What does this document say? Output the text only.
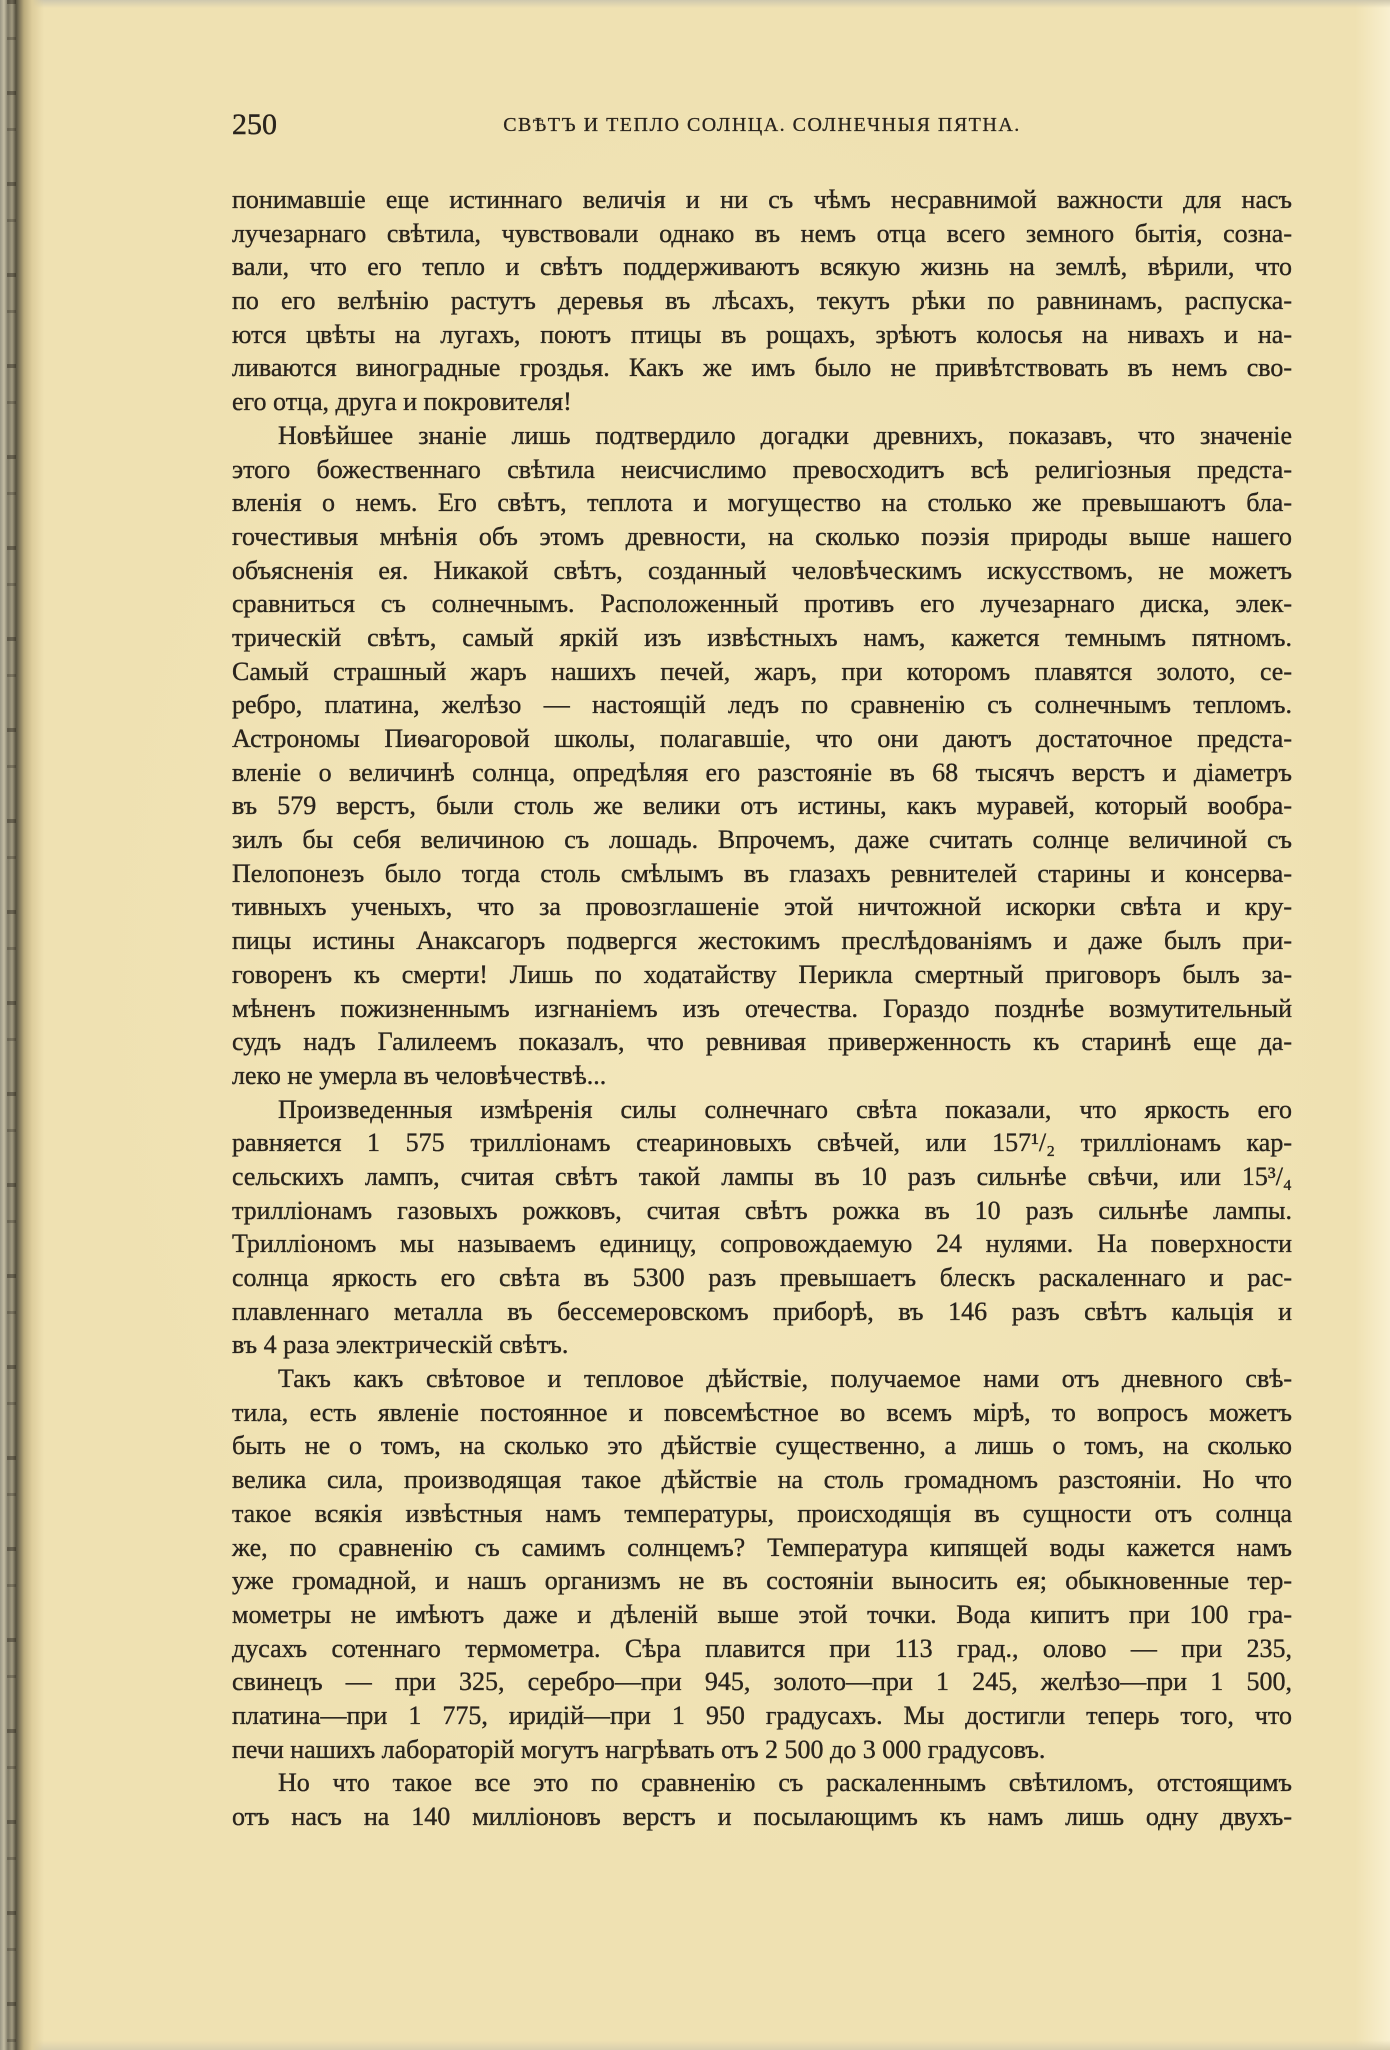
250	СВѢТЪ И ТЕПЛО СОЛНЦА. СОЛНЕЧНЫЯ ПЯТНА.
понимавшіе еще истиннаго величія и ни съ чѣмъ несравнимой важности для насъ
лучезарнаго свѣтила, чувствовали однако въ немъ отца всего земного бытія, созна-
вали, что его тепло и свѣтъ поддерживаютъ всякую жизнь на землѣ, вѣрили, что
по его велѣнію растутъ деревья въ лѣсахъ, текутъ рѣки по равнинамъ, распуска-
ются цвѣты на лугахъ, поютъ птицы въ рощахъ, зрѣютъ колосья на нивахъ и на-
ливаются виноградные гроздья. Какъ же имъ было не привѣтствовать въ немъ сво-
его отца, друга и покровителя!
Новѣйшее знаніе лишь подтвердило догадки древнихъ, показавъ, что значеніе
этого божественнаго свѣтила неисчислимо превосходитъ всѣ религіозныя предста-
вленія о немъ. Его свѣтъ, теплота и могущество на столько же превышаютъ бла-
гочестивыя мнѣнія объ этомъ древности, на сколько поэзія природы выше нашего
объясненія ея. Никакой свѣтъ, созданный человѣческимъ искусствомъ, не можетъ
сравниться съ солнечнымъ. Расположенный противъ его лучезарнаго диска, элек-
трическій свѣтъ, самый яркій изъ извѣстныхъ намъ, кажется темнымъ пятномъ.
Самый страшный жаръ нашихъ печей, жаръ, при которомъ плавятся золото, се-
ребро, платина, желѣзо — настоящій ледъ по сравненію съ солнечнымъ тепломъ.
Астрономы Пиѳагоровой школы, полагавшіе, что они даютъ достаточное предста-
вленіе о величинѣ солнца, опредѣляя его разстояніе въ 68 тысячъ верстъ и діаметръ
въ 579 верстъ, были столь же велики отъ истины, какъ муравей, который вообра-
зилъ бы себя величиною съ лошадь. Впрочемъ, даже считать солнце величиной съ
Пелопонезъ было тогда столь смѣлымъ въ глазахъ ревнителей старины и консерва-
тивныхъ ученыхъ, что за провозглашеніе этой ничтожной искорки свѣта и кру-
пицы истины Анаксагоръ подвергся жестокимъ преслѣдованіямъ и даже былъ при-
говоренъ къ смерти! Лишь по ходатайству Перикла смертный приговоръ былъ за-
мѣненъ пожизненнымъ изгнаніемъ изъ отечества. Гораздо позднѣе возмутительный
судъ надъ Галилеемъ показалъ, что ревнивая приверженность къ старинѣ еще да-
леко не умерла въ человѣчествѣ...
Произведенныя измѣренія силы солнечнаго свѣта показали, что яркость его
равняется 1 575 трилліонамъ стеариновыхъ свѣчей, или 157¹/₂ трилліонамъ кар-
сельскихъ лампъ, считая свѣтъ такой лампы въ 10 разъ сильнѣе свѣчи, или 15³/₄
трилліонамъ газовыхъ рожковъ, считая свѣтъ рожка въ 10 разъ сильнѣе лампы.
Трилліономъ мы называемъ единицу, сопровождаемую 24 нулями. На поверхности
солнца яркость его свѣта въ 5300 разъ превышаетъ блескъ раскаленнаго и рас-
плавленнаго металла въ бессемеровскомъ приборѣ, въ 146 разъ свѣтъ кальція и
въ 4 раза электрическій свѣтъ.
Такъ какъ свѣтовое и тепловое дѣйствіе, получаемое нами отъ дневного свѣ-
тила, есть явленіе постоянное и повсемѣстное во всемъ мірѣ, то вопросъ можетъ
быть не о томъ, на сколько это дѣйствіе существенно, а лишь о томъ, на сколько
велика сила, производящая такое дѣйствіе на столь громадномъ разстояніи. Но что
такое всякія извѣстныя намъ температуры, происходящія въ сущности отъ солнца
же, по сравненію съ самимъ солнцемъ? Температура кипящей воды кажется намъ
уже громадной, и нашъ организмъ не въ состояніи выносить ея; обыкновенные тер-
мометры не имѣютъ даже и дѣленій выше этой точки. Вода кипитъ при 100 гра-
дусахъ сотеннаго термометра. Сѣра плавится при 113 град., олово — при 235,
свинецъ — при 325, серебро—при 945, золото—при 1 245, желѣзо—при 1 500,
платина—при 1 775, иридій—при 1 950 градусахъ. Мы достигли теперь того, что
печи нашихъ лабораторій могутъ нагрѣвать отъ 2 500 до 3 000 градусовъ.
Но что такое все это по сравненію съ раскаленнымъ свѣтиломъ, отстоящимъ
отъ насъ на 140 милліоновъ верстъ и посылающимъ къ намъ лишь одну двухъ-
